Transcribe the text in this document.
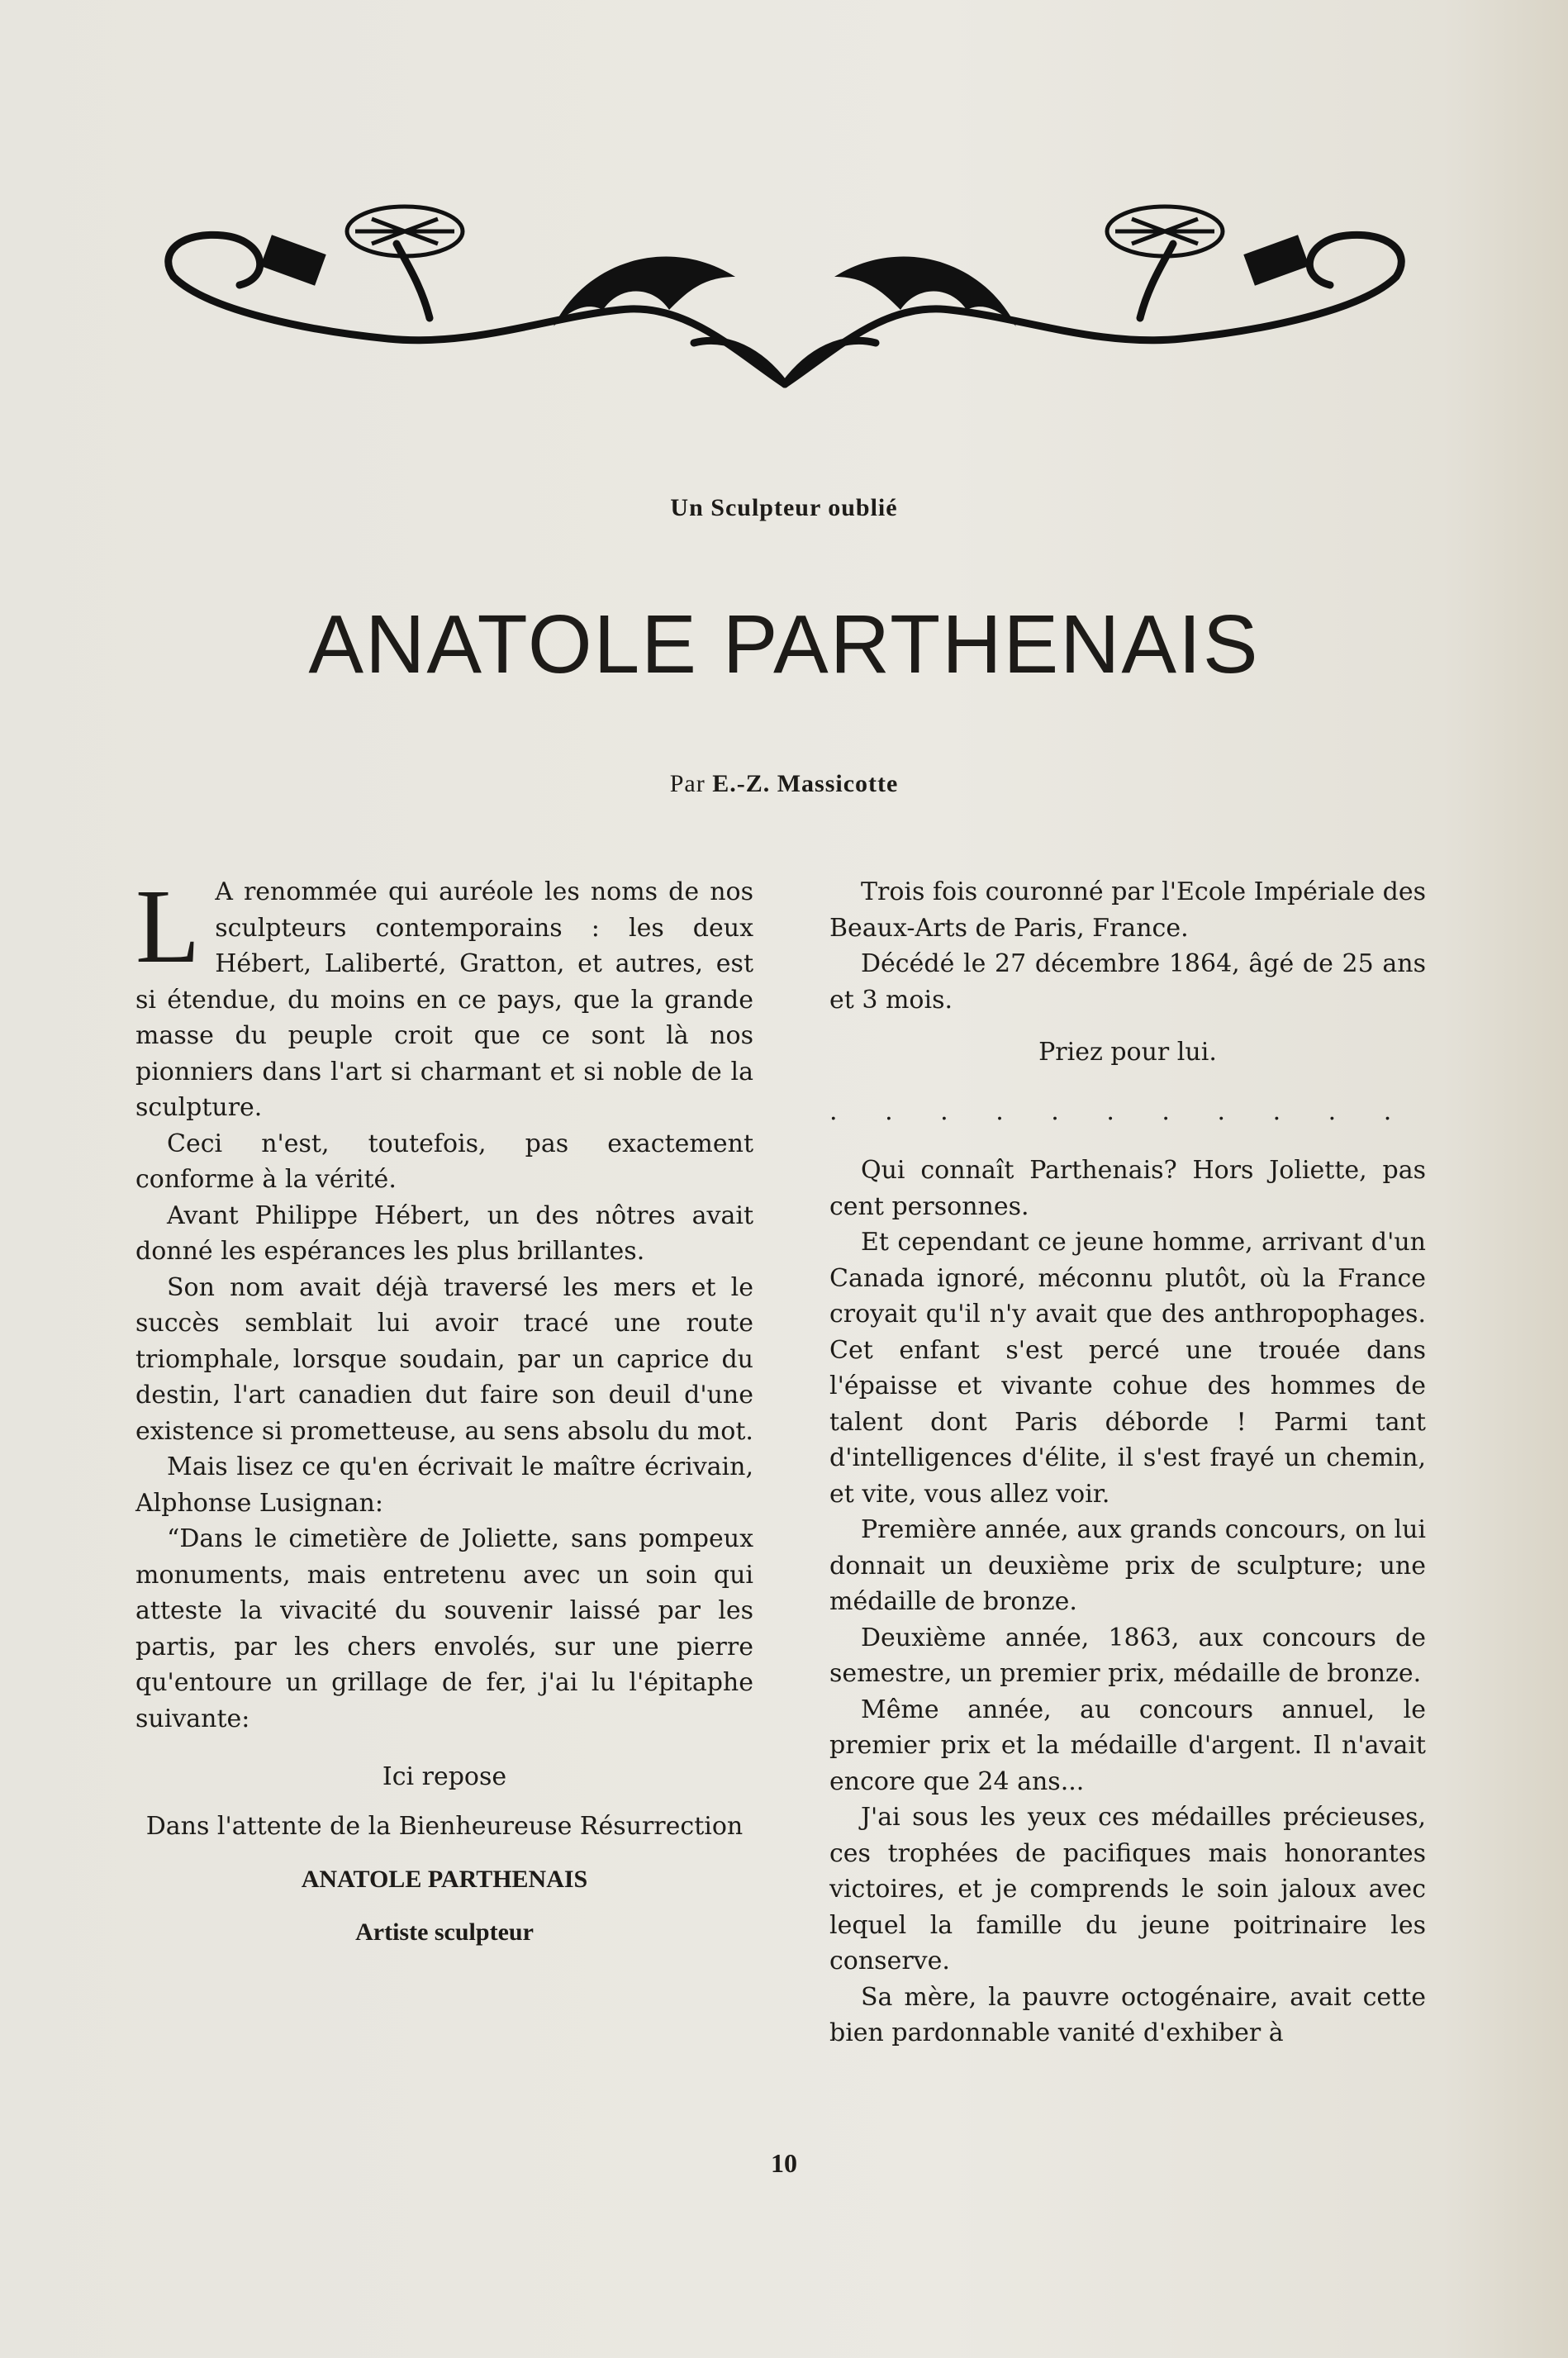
Un Sculpteur oublié
ANATOLE PARTHENAIS
Par E.-Z. Massicotte

L A renommée qui auréole les noms de nos sculpteurs contemporains : les deux Hébert, Laliberté, Gratton, et autres, est si étendue, du moins en ce pays, que la grande masse du peuple croit que ce sont là nos pionniers dans l'art si charmant et si noble de la sculpture.

Ceci n'est, toutefois, pas exactement conforme à la vérité.

Avant Philippe Hébert, un des nôtres avait donné les espérances les plus brillantes.

Son nom avait déjà traversé les mers et le succès semblait lui avoir tracé une route triomphale, lorsque soudain, par un caprice du destin, l'art canadien dut faire son deuil d'une existence si prometteuse, au sens absolu du mot.

Mais lisez ce qu'en écrivait le maître écrivain, Alphonse Lusignan:

“Dans le cimetière de Joliette, sans pompeux monuments, mais entretenu avec un soin qui atteste la vivacité du souvenir laissé par les partis, par les chers envolés, sur une pierre qu'entoure un grillage de fer, j'ai lu l'épitaphe suivante:

Ici repose

Dans l'attente de la Bienheureuse Résurrection

ANATOLE PARTHENAIS

Artiste sculpteur

Trois fois couronné par l'Ecole Impériale des Beaux-Arts de Paris, France.

Décédé le 27 décembre 1864, âgé de 25 ans et 3 mois.

Priez pour lui.

. . . . . . . . . . .

Qui connaît Parthenais? Hors Joliette, pas cent personnes.

Et cependant ce jeune homme, arrivant d'un Canada ignoré, méconnu plutôt, où la France croyait qu'il n'y avait que des anthropophages. Cet enfant s'est percé une trouée dans l'épaisse et vivante cohue des hommes de talent dont Paris déborde ! Parmi tant d'intelligences d'élite, il s'est frayé un chemin, et vite, vous allez voir.

Première année, aux grands concours, on lui donnait un deuxième prix de sculpture; une médaille de bronze.

Deuxième année, 1863, aux concours de semestre, un premier prix, médaille de bronze.

Même année, au concours annuel, le premier prix et la médaille d'argent. Il n'avait encore que 24 ans...

J'ai sous les yeux ces médailles précieuses, ces trophées de pacifiques mais honorantes victoires, et je comprends le soin jaloux avec lequel la famille du jeune poitrinaire les conserve.

Sa mère, la pauvre octogénaire, avait cette bien pardonnable vanité d'exhiber à

10
